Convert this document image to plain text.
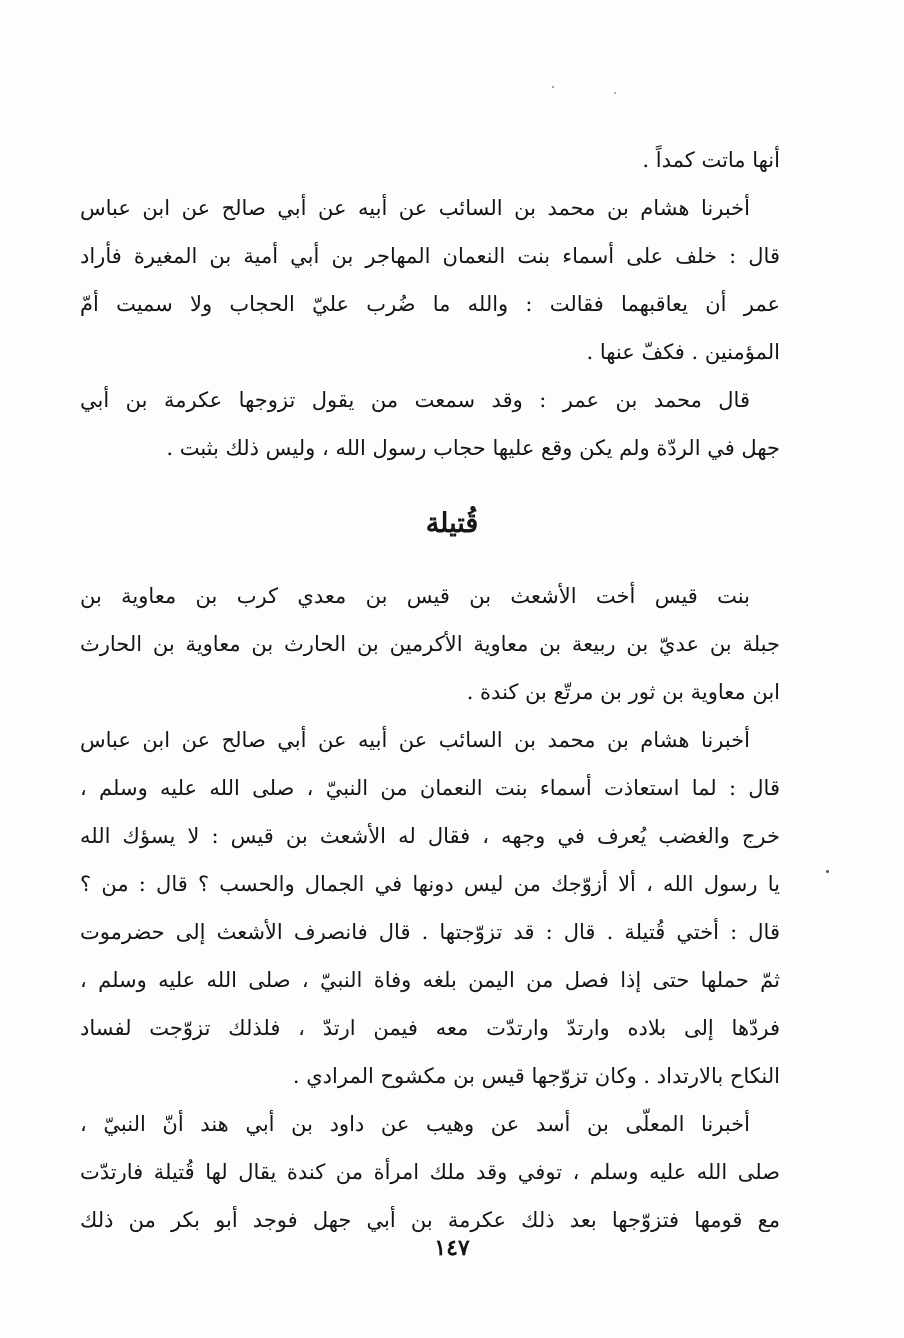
أنها ماتت كمداً .
أخبرنا هشام بن محمد بن السائب عن أبيه عن أبي صالح عن ابن عباس
قال : خلف على أسماء بنت النعمان المهاجر بن أبي أمية بن المغيرة فأراد
عمر أن يعاقبهما فقالت : والله ما ضُرب عليّ الحجاب ولا سميت أمّ
المؤمنين . فكفّ عنها .
قال محمد بن عمر : وقد سمعت من يقول تزوجها عكرمة بن أبي
جهل في الردّة ولم يكن وقع عليها حجاب رسول الله ، وليس ذلك بثبت .
قُتيلة
بنت قيس أخت الأشعث بن قيس بن معدي كرب بن معاوية بن
جبلة بن عديّ بن ربيعة بن معاوية الأكرمين بن الحارث بن معاوية بن الحارث
ابن معاوية بن ثور بن مرتّع بن كندة .
أخبرنا هشام بن محمد بن السائب عن أبيه عن أبي صالح عن ابن عباس
قال : لما استعاذت أسماء بنت النعمان من النبيّ ، صلى الله عليه وسلم ،
خرج والغضب يُعرف في وجهه ، فقال له الأشعث بن قيس : لا يسؤك الله
يا رسول الله ، ألا أزوّجك من ليس دونها في الجمال والحسب ؟ قال : من ؟
قال : أختي قُتيلة . قال : قد تزوّجتها . قال فانصرف الأشعث إلى حضرموت
ثمّ حملها حتى إذا فصل من اليمن بلغه وفاة النبيّ ، صلى الله عليه وسلم ،
فردّها إلى بلاده وارتدّ وارتدّت معه فيمن ارتدّ ، فلذلك تزوّجت لفساد
النكاح بالارتداد . وكان تزوّجها قيس بن مكشوح المرادي .
أخبرنا المعلّى بن أسد عن وهيب عن داود بن أبي هند أنّ النبيّ ،
صلى الله عليه وسلم ، توفي وقد ملك امرأة من كندة يقال لها قُتيلة فارتدّت
مع قومها فتزوّجها بعد ذلك عكرمة بن أبي جهل فوجد أبو بكر من ذلك
١٤٧
